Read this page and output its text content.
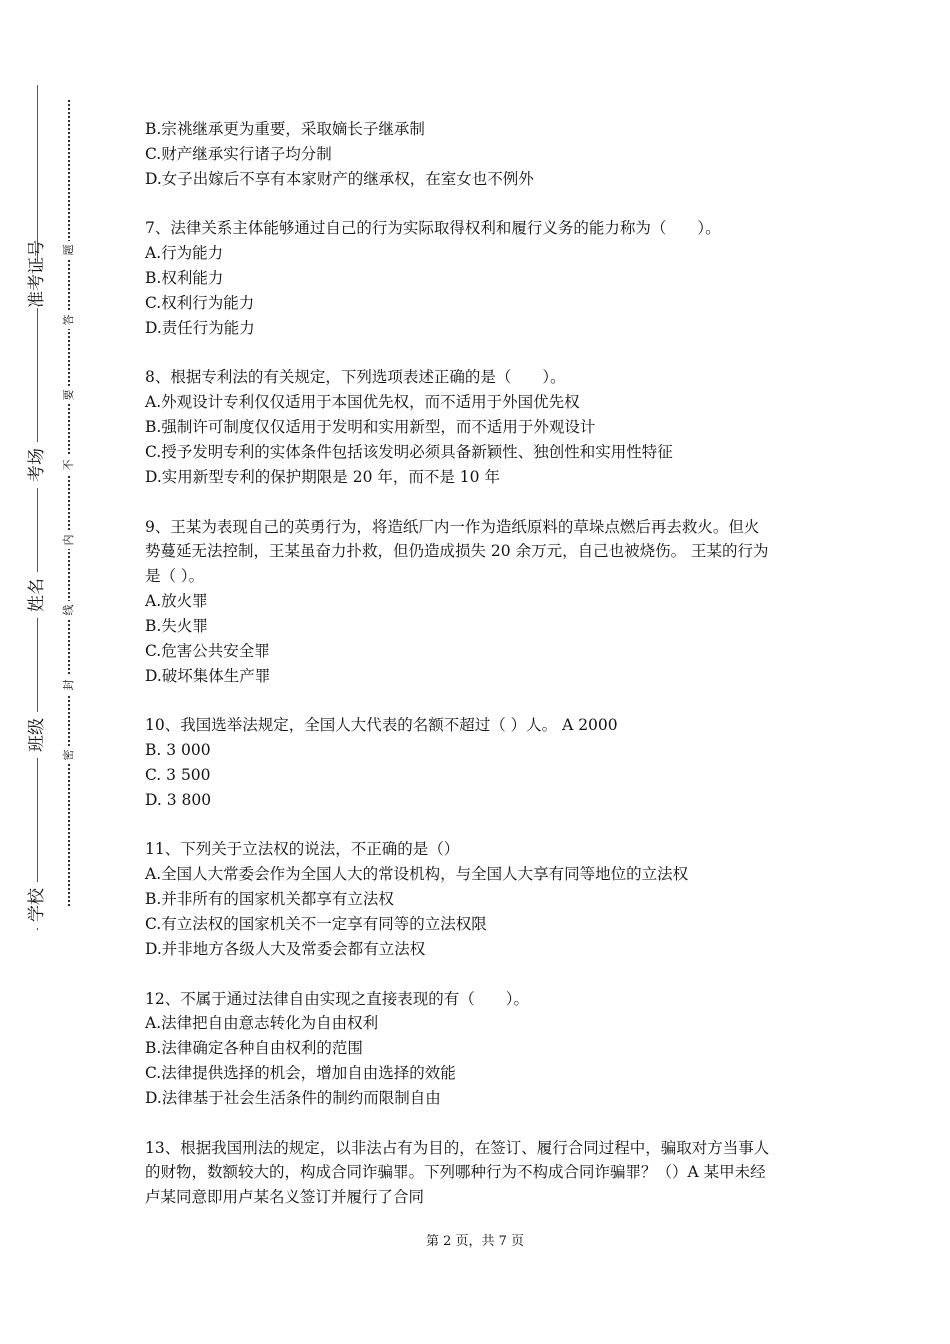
准考证号
考场
姓名
班级
学校
题
答
要
不
内
线
封
密
B.宗祧继承更为重要，采取嫡长子继承制
C.财产继承实行诸子均分制
D.女子出嫁后不享有本家财产的继承权，在室女也不例外
7、法律关系主体能够通过自己的行为实际取得权利和履行义务的能力称为（　　）。
A.行为能力
B.权利能力
C.权利行为能力
D.责任行为能力
8、根据专利法的有关规定，下列选项表述正确的是（　　）。
A.外观设计专利仅仅适用于本国优先权，而不适用于外国优先权
B.强制许可制度仅仅适用于发明和实用新型，而不适用于外观设计
C.授予发明专利的实体条件包括该发明必须具备新颖性、独创性和实用性特征
D.实用新型专利的保护期限是 20 年，而不是 10 年
9、王某为表现自己的英勇行为，将造纸厂内一作为造纸原料的草垛点燃后再去救火。但火
势蔓延无法控制，王某虽奋力扑救，但仍造成损失 20 余万元，自己也被烧伤。 王某的行为
是（ ）。
A.放火罪
B.失火罪
C.危害公共安全罪
D.破坏集体生产罪
10、我国选举法规定，全国人大代表的名额不超过（ ）人。 A 2000
B. 3 000
C. 3 500
D. 3 800
11、下列关于立法权的说法，不正确的是（）
A.全国人大常委会作为全国人大的常设机构，与全国人大享有同等地位的立法权
B.并非所有的国家机关都享有立法权
C.有立法权的国家机关不一定享有同等的立法权限
D.并非地方各级人大及常委会都有立法权
12、不属于通过法律自由实现之直接表现的有（　　）。
A.法律把自由意志转化为自由权利
B.法律确定各种自由权利的范围
C.法律提供选择的机会，增加自由选择的效能
D.法律基于社会生活条件的制约而限制自由
13、根据我国刑法的规定，以非法占有为目的，在签订、履行合同过程中，骗取对方当事人
的财物，数额较大的，构成合同诈骗罪。下列哪种行为不构成合同诈骗罪？（）A 某甲未经
卢某同意即用卢某名义签订并履行了合同
第 2 页，共 7 页
